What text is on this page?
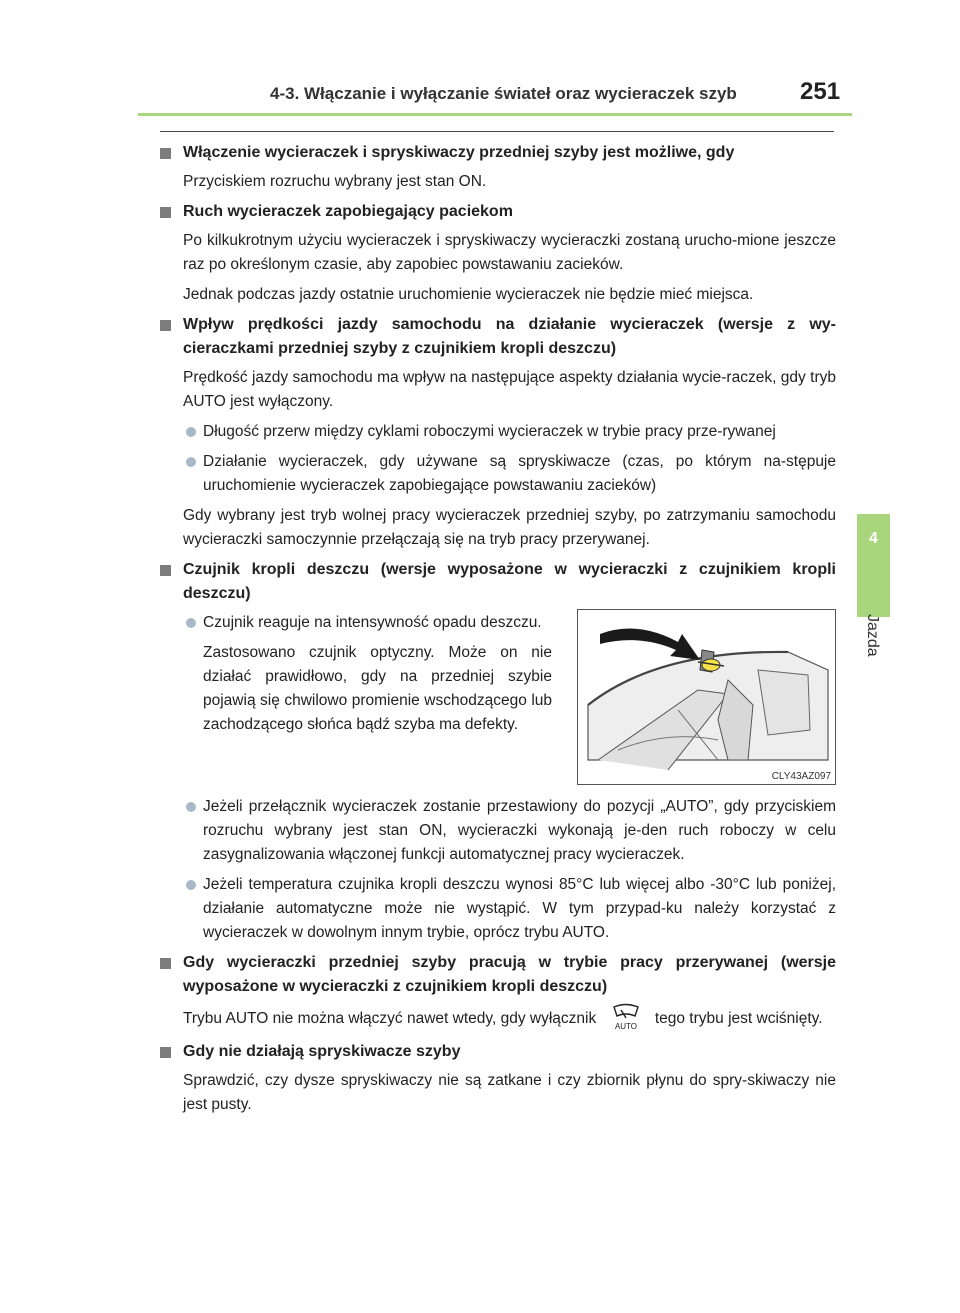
4-3. Włączanie i wyłączanie świateł oraz wycieraczek szyb	251
4
Jazda
Włączenie wycieraczek i spryskiwaczy przedniej szyby jest możliwe, gdy
Przyciskiem rozruchu wybrany jest stan ON.
Ruch wycieraczek zapobiegający paciekom
Po kilkukrotnym użyciu wycieraczek i spryskiwaczy wycieraczki zostaną urucho-mione jeszcze raz po określonym czasie, aby zapobiec powstawaniu zacieków.
Jednak podczas jazdy ostatnie uruchomienie wycieraczek nie będzie mieć miejsca.
Wpływ prędkości jazdy samochodu na działanie wycieraczek (wersje z wy-cieraczkami przedniej szyby z czujnikiem kropli deszczu)
Prędkość jazdy samochodu ma wpływ na następujące aspekty działania wycie-raczek, gdy tryb AUTO jest wyłączony.
Długość przerw między cyklami roboczymi wycieraczek w trybie pracy prze-rywanej
Działanie wycieraczek, gdy używane są spryskiwacze (czas, po którym na-stępuje uruchomienie wycieraczek zapobiegające powstawaniu zacieków)
Gdy wybrany jest tryb wolnej pracy wycieraczek przedniej szyby, po zatrzymaniu samochodu wycieraczki samoczynnie przełączają się na tryb pracy przerywanej.
Czujnik kropli deszczu (wersje wyposażone w wycieraczki z czujnikiem kropli deszczu)
Czujnik reaguje na intensywność opadu deszczu.
Zastosowano czujnik optyczny. Może on nie działać prawidłowo, gdy na przedniej szybie pojawią się chwilowo promienie wschodzącego lub zachodzącego słońca bądź szyba ma defekty.
CLY43AZ097
Jeżeli przełącznik wycieraczek zostanie przestawiony do pozycji „AUTO”, gdy przyciskiem rozruchu wybrany jest stan ON, wycieraczki wykonają je-den ruch roboczy w celu zasygnalizowania włączonej funkcji automatycznej pracy wycieraczek.
Jeżeli temperatura czujnika kropli deszczu wynosi 85°C lub więcej albo -30°C lub poniżej, działanie automatyczne może nie wystąpić. W tym przypad-ku należy korzystać z wycieraczek w dowolnym innym trybie, oprócz trybu AUTO.
Gdy wycieraczki przedniej szyby pracują w trybie pracy przerywanej (wersje wyposażone w wycieraczki z czujnikiem kropli deszczu)
Trybu AUTO nie można włączyć nawet wtedy, gdy wyłącznik AUTO tego trybu jest wciśnięty.
Gdy nie działają spryskiwacze szyby
Sprawdzić, czy dysze spryskiwaczy nie są zatkane i czy zbiornik płynu do spry-skiwaczy nie jest pusty.
